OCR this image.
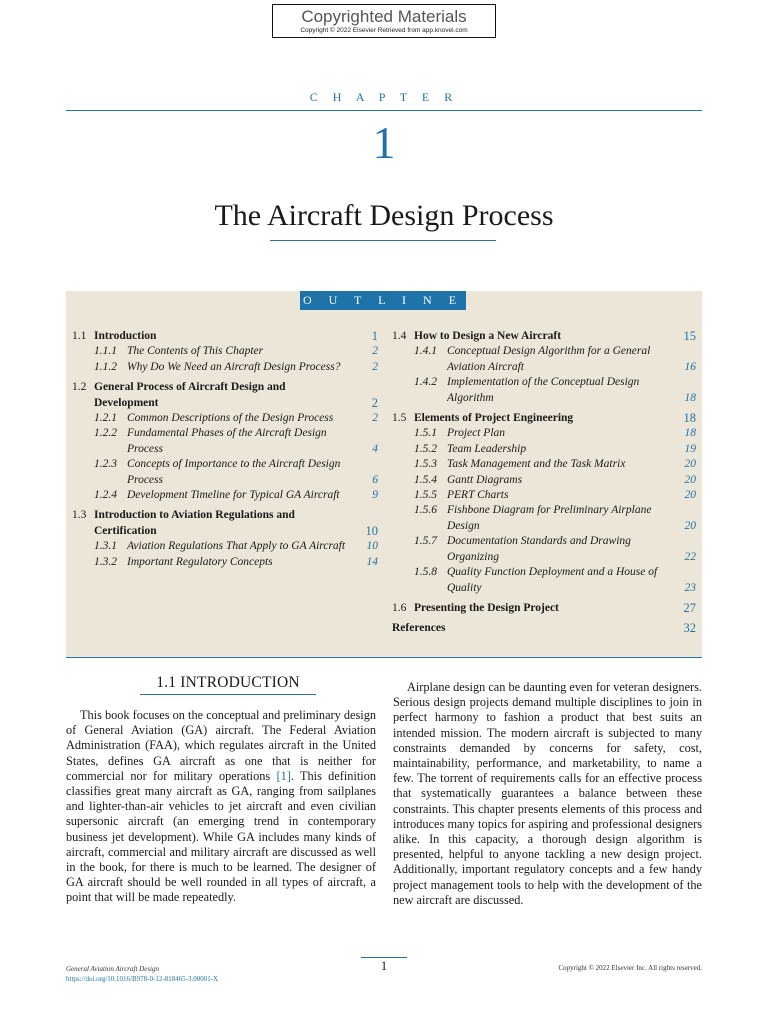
Copyrighted Materials
Copyright © 2022 Elsevier Retrieved from app.knovel.com
C H A P T E R
1
The Aircraft Design Process
O U T L I N E
1.1 Introduction	1
1.1.1 The Contents of This Chapter	2
1.1.2 Why Do We Need an Aircraft Design Process?	2
1.2 General Process of Aircraft Design and Development	2
1.2.1 Common Descriptions of the Design Process	2
1.2.2 Fundamental Phases of the Aircraft Design Process	4
1.2.3 Concepts of Importance to the Aircraft Design Process	6
1.2.4 Development Timeline for Typical GA Aircraft	9
1.3 Introduction to Aviation Regulations and Certification	10
1.3.1 Aviation Regulations That Apply to GA Aircraft	10
1.3.2 Important Regulatory Concepts	14
1.4 How to Design a New Aircraft	15
1.4.1 Conceptual Design Algorithm for a General Aviation Aircraft	16
1.4.2 Implementation of the Conceptual Design Algorithm	18
1.5 Elements of Project Engineering	18
1.5.1 Project Plan	18
1.5.2 Team Leadership	19
1.5.3 Task Management and the Task Matrix	20
1.5.4 Gantt Diagrams	20
1.5.5 PERT Charts	20
1.5.6 Fishbone Diagram for Preliminary Airplane Design	20
1.5.7 Documentation Standards and Drawing Organizing	22
1.5.8 Quality Function Deployment and a House of Quality	23
1.6 Presenting the Design Project	27
References	32
1.1 INTRODUCTION
This book focuses on the conceptual and preliminary design of General Aviation (GA) aircraft. The Federal Aviation Administration (FAA), which regulates aircraft in the United States, defines GA aircraft as one that is neither for commercial nor for military operations [1]. This definition classifies great many aircraft as GA, ranging from sailplanes and lighter-than-air vehicles to jet aircraft and even civilian supersonic aircraft (an emerging trend in contemporary business jet development). While GA includes many kinds of aircraft, commercial and military aircraft are discussed as well in the book, for there is much to be learned. The designer of GA aircraft should be well rounded in all types of aircraft, a point that will be made repeatedly.
Airplane design can be daunting even for veteran designers. Serious design projects demand multiple disciplines to join in perfect harmony to fashion a product that best suits an intended mission. The modern aircraft is subjected to many constraints demanded by concerns for safety, cost, maintainability, performance, and marketability, to name a few. The torrent of requirements calls for an effective process that systematically guarantees a balance between these constraints. This chapter presents elements of this process and introduces many topics for aspiring and professional designers alike. In this capacity, a thorough design algorithm is presented, helpful to anyone tackling a new design project. Additionally, important regulatory concepts and a few handy project management tools to help with the development of the new aircraft are discussed.
General Aviation Aircraft Design
https://doi.org/10.1016/B978-0-12-818465-3.00001-X
1	Copyright © 2022 Elsevier Inc. All rights reserved.
